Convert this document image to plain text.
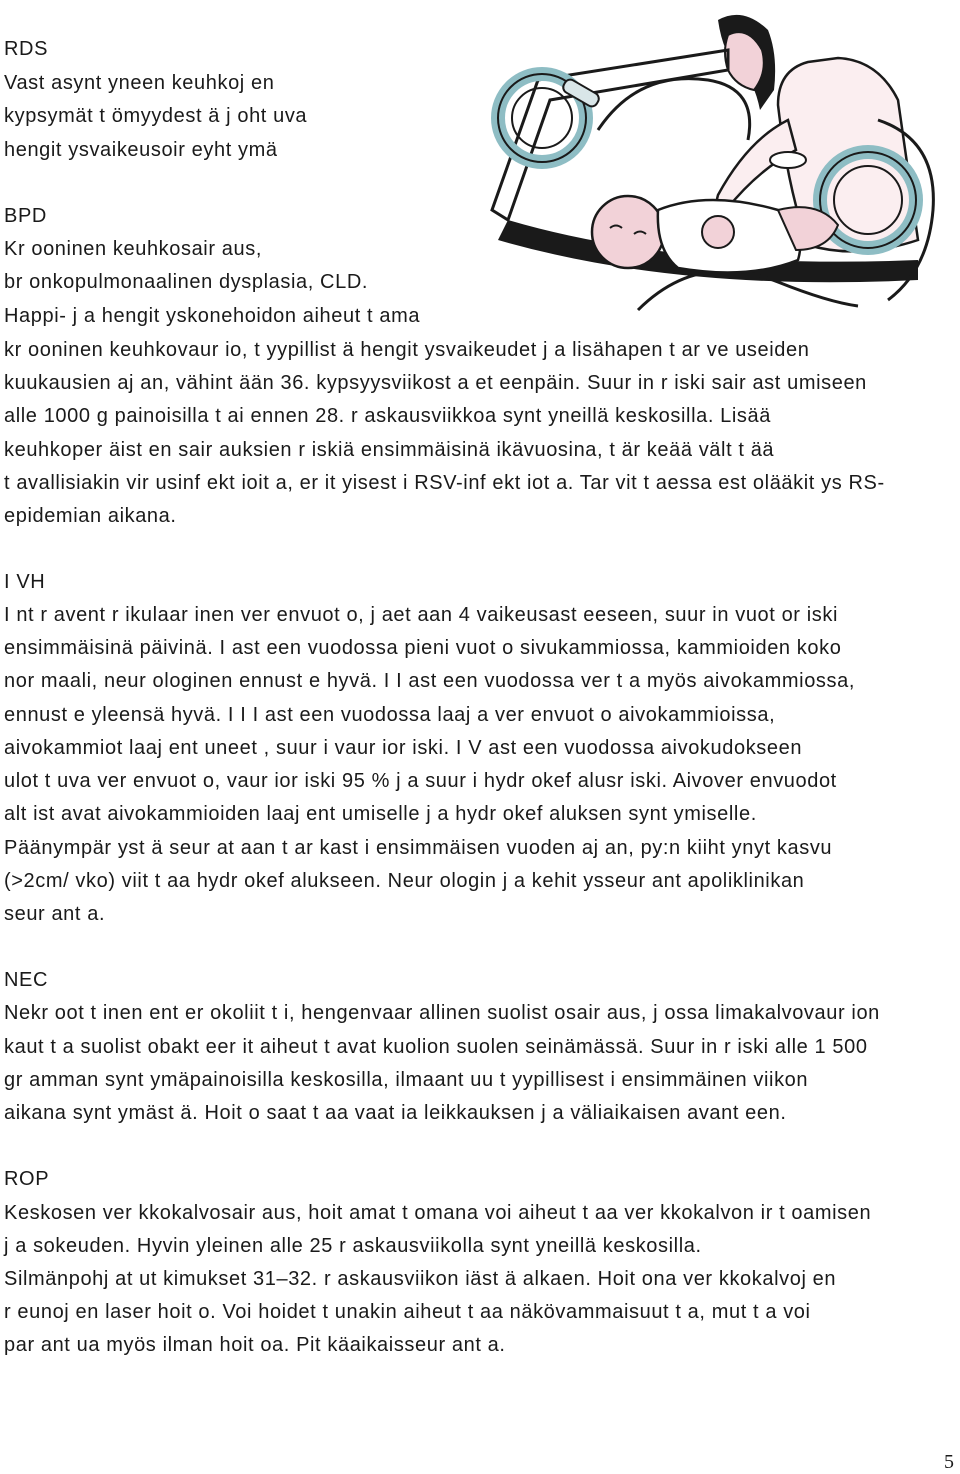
RDS
Vast asynt yneen keuhkoj en
kypsymät t ömyydest ä j oht uva
hengit ysvaikeusoir eyht ymä
BPD
Kr ooninen keuhkosair aus,
br onkopulmonaalinen dysplasia, CLD.
Happi- j a hengit yskonehoidon aiheut t ama
kr ooninen keuhkovaur io, t yypillist ä hengit ysvaikeudet j a lisähapen t ar ve useiden
kuukausien aj an, vähint ään 36. kypsyysviikost a et eenpäin. Suur in r iski sair ast umiseen
alle 1000 g painoisilla t ai ennen 28. r askausviikkoa synt yneillä keskosilla. Lisää
keuhkoper äist en sair auksien r iskiä ensimmäisinä ikävuosina, t är keää vält t ää
t avallisiakin vir usinf ekt ioit a, er it yisest i RSV-inf ekt iot a. Tar vit t aessa est olääkit ys RS-
epidemian aikana.
I VH
I nt r avent r ikulaar inen ver envuot o, j aet aan 4 vaikeusast eeseen, suur in vuot or iski
ensimmäisinä päivinä. I ast een vuodossa pieni vuot o sivukammiossa, kammioiden koko
nor maali, neur ologinen ennust e hyvä. I I ast een vuodossa ver t a myös aivokammiossa,
ennust e yleensä hyvä. I I I ast een vuodossa laaj a ver envuot o aivokammioissa,
aivokammiot laaj ent uneet , suur i vaur ior iski. I V ast een vuodossa aivokudokseen
ulot t uva ver envuot o, vaur ior iski 95 % j a suur i hydr okef alusr iski. Aivover envuodot
alt ist avat aivokammioiden laaj ent umiselle j a hydr okef aluksen synt ymiselle.
Päänympär yst ä seur at aan t ar kast i ensimmäisen vuoden aj an, py:n kiiht ynyt kasvu
(>2cm/ vko) viit t aa hydr okef alukseen. Neur ologin j a kehit ysseur ant apoliklinikan
seur ant a.
NEC
Nekr oot t inen ent er okoliit t i, hengenvaar allinen suolist osair aus, j ossa limakalvovaur ion
kaut t a suolist obakt eer it aiheut t avat kuolion suolen seinämässä. Suur in r iski alle 1 500
gr amman synt ymäpainoisilla keskosilla, ilmaant uu t yypillisest i ensimmäinen viikon
aikana synt ymäst ä. Hoit o saat t aa vaat ia leikkauksen j a väliaikaisen avant een.
ROP
Keskosen ver kkokalvosair aus, hoit amat t omana voi aiheut t aa ver kkokalvon ir t oamisen
j a sokeuden. Hyvin yleinen alle 25 r askausviikolla synt yneillä keskosilla.
Silmänpohj at ut kimukset 31–32. r askausviikon iäst ä alkaen. Hoit ona ver kkokalvoj en
r eunoj en laser hoit o. Voi hoidet t unakin aiheut t aa näkövammaisuut t a, mut t a voi
par ant ua myös ilman hoit oa. Pit käaikaisseur ant a.
5
